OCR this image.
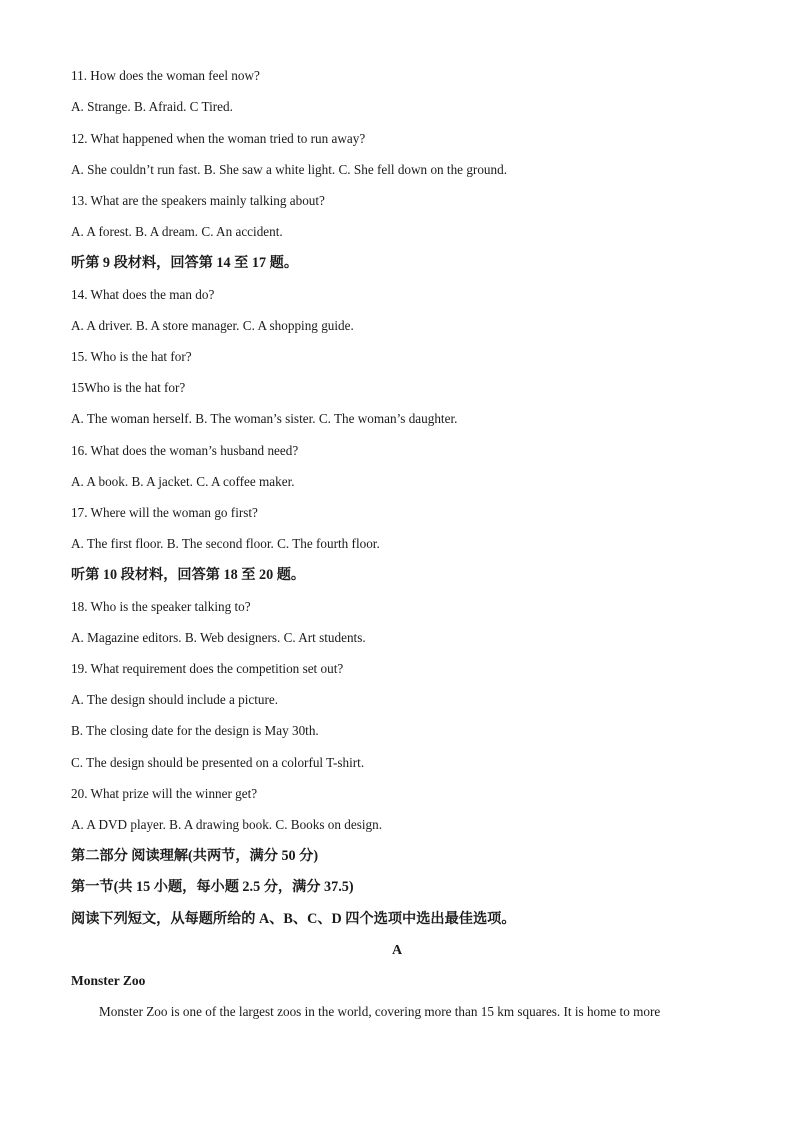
11. How does the woman feel now?
A. Strange. B. Afraid. C Tired.
12. What happened when the woman tried to run away?
A. She couldn’t run fast. B. She saw a white light. C. She fell down on the ground.
13. What are the speakers mainly talking about?
A. A forest. B. A dream. C. An accident.
听第 9 段材料，回答第 14 至 17 题。
14. What does the man do?
A. A driver. B. A store manager. C. A shopping guide.
15. Who is the hat for?
15Who is the hat for?
A. The woman herself. B. The woman’s sister. C. The woman’s daughter.
16. What does the woman’s husband need?
A. A book. B. A jacket. C. A coffee maker.
17. Where will the woman go first?
A. The first floor. B. The second floor. C. The fourth floor.
听第 10 段材料，回答第 18 至 20 题。
18. Who is the speaker talking to?
A. Magazine editors. B. Web designers. C. Art students.
19. What requirement does the competition set out?
A. The design should include a picture.
B. The closing date for the design is May 30th.
C. The design should be presented on a colorful T-shirt.
20. What prize will the winner get?
A. A DVD player. B. A drawing book. C. Books on design.
第二部分 阅读理解(共两节，满分 50 分)
第一节(共 15 小题，每小题 2.5 分，满分 37.5)
阅读下列短文，从每题所给的 A、B、C、D 四个选项中选出最佳选项。
A
Monster Zoo
Monster Zoo is one of the largest zoos in the world, covering more than 15 km squares. It is home to more
